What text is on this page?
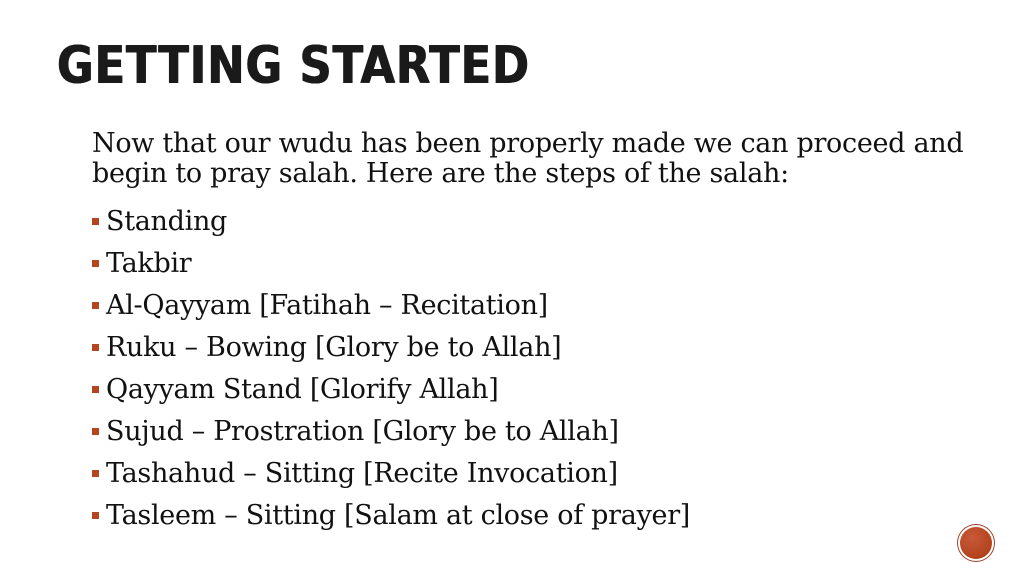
GETTING STARTED

Now that our wudu has been properly made we can proceed and begin to pray salah. Here are the steps of the salah:

Standing
Takbir
Al-Qayyam [Fatihah – Recitation]
Ruku – Bowing [Glory be to Allah]
Qayyam Stand [Glorify Allah]
Sujud – Prostration [Glory be to Allah]
Tashahud – Sitting [Recite Invocation]
Tasleem – Sitting [Salam at close of prayer]
